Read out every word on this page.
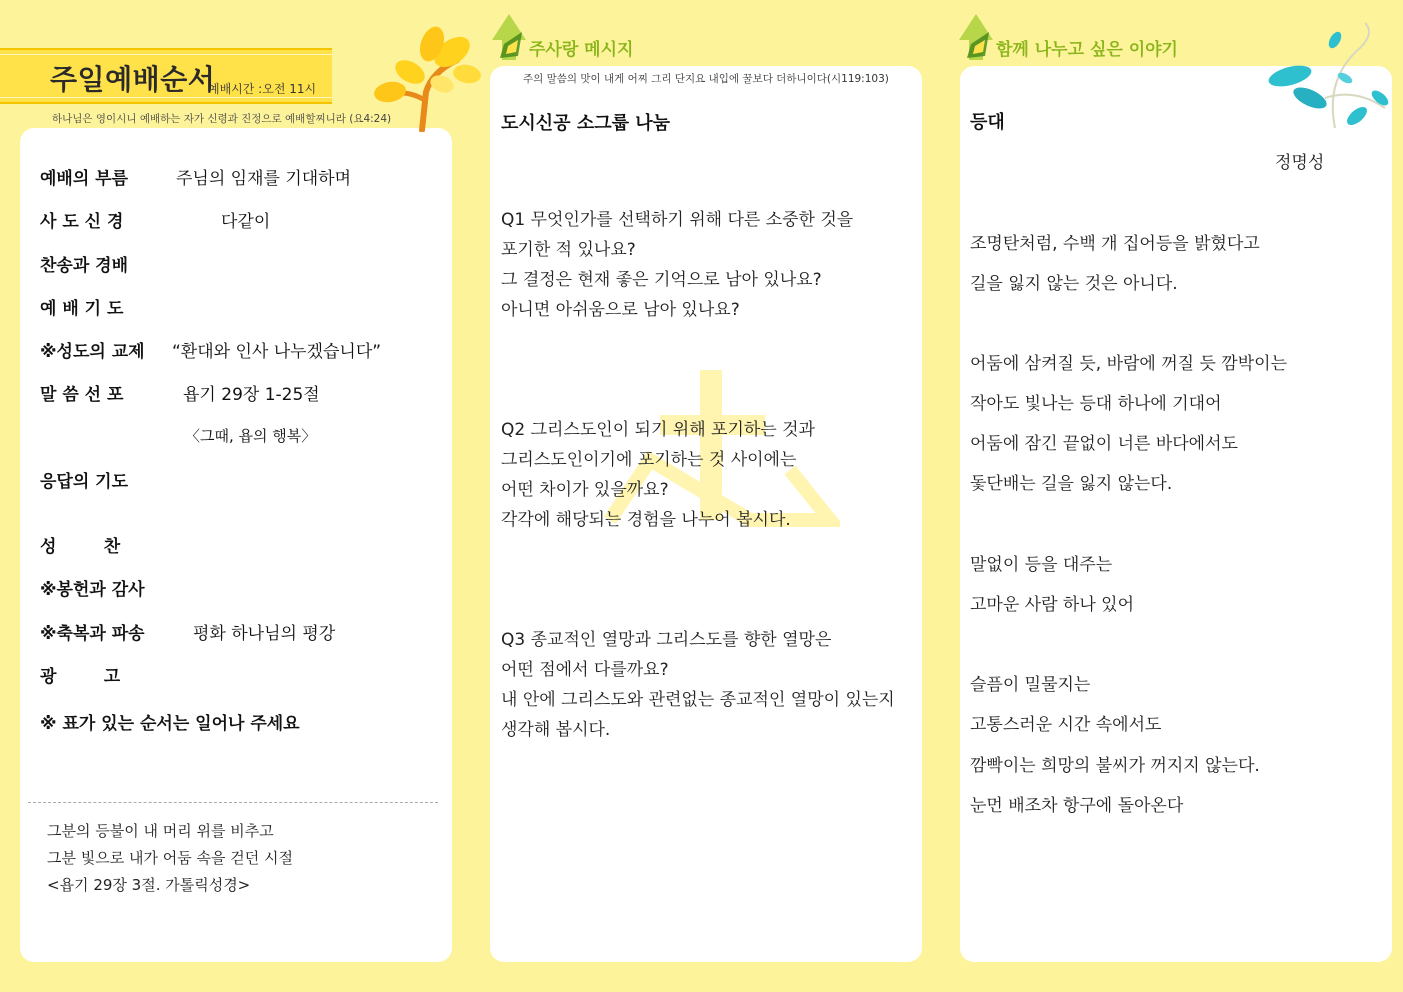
주일예배순서
예배시간 :오전 11시
하나님은 영이시니 예배하는 자가 신령과 진정으로 예배할찌니라 (요4:24)
예배의 부름	주님의 임재를 기대하며
사 도 신 경	다같이
찬송과 경배
예 배 기 도
※성도의 교제 “환대와 인사 나누겠습니다”
말 씀 선 포	욥기 29장 1-25절
〈그때, 욥의 행복〉
응답의 기도
성        찬
※봉헌과 감사
※축복과 파송	평화 하나님의 평강
광        고
※ 표가 있는 순서는 일어나 주세요
그분의 등불이 내 머리 위를 비추고
그분 빛으로 내가 어둠 속을 걷던 시절
<욥기 29장 3절. 가톨릭성경>
주사랑 메시지
주의 말씀의 맛이 내게 어찌 그리 단지요 내입에 꿀보다 더하니이다(시119:103)
도시신공 소그룹 나눔
Q1 무엇인가를 선택하기 위해 다른 소중한 것을
포기한 적 있나요?
그 결정은 현재 좋은 기억으로 남아 있나요?
아니면 아쉬움으로 남아 있나요?
Q2 그리스도인이 되기 위해 포기하는 것과
그리스도인이기에 포기하는 것 사이에는
어떤 차이가 있을까요?
각각에 해당되는 경험을 나누어 봅시다.
Q3 종교적인 열망과 그리스도를 향한 열망은
어떤 점에서 다를까요?
내 안에 그리스도와 관련없는 종교적인 열망이 있는지
생각해 봅시다.
함께 나누고 싶은 이야기
등대
정명성
조명탄처럼, 수백 개 집어등을 밝혔다고
길을 잃지 않는 것은 아니다.
어둠에 삼켜질 듯, 바람에 꺼질 듯 깜박이는
작아도 빛나는 등대 하나에 기대어
어둠에 잠긴 끝없이 너른 바다에서도
돛단배는 길을 잃지 않는다.
말없이 등을 대주는
고마운 사람 하나 있어
슬픔이 밀물지는
고통스러운 시간 속에서도
깜빡이는 희망의 불씨가 꺼지지 않는다.
눈먼 배조차 항구에 돌아온다
